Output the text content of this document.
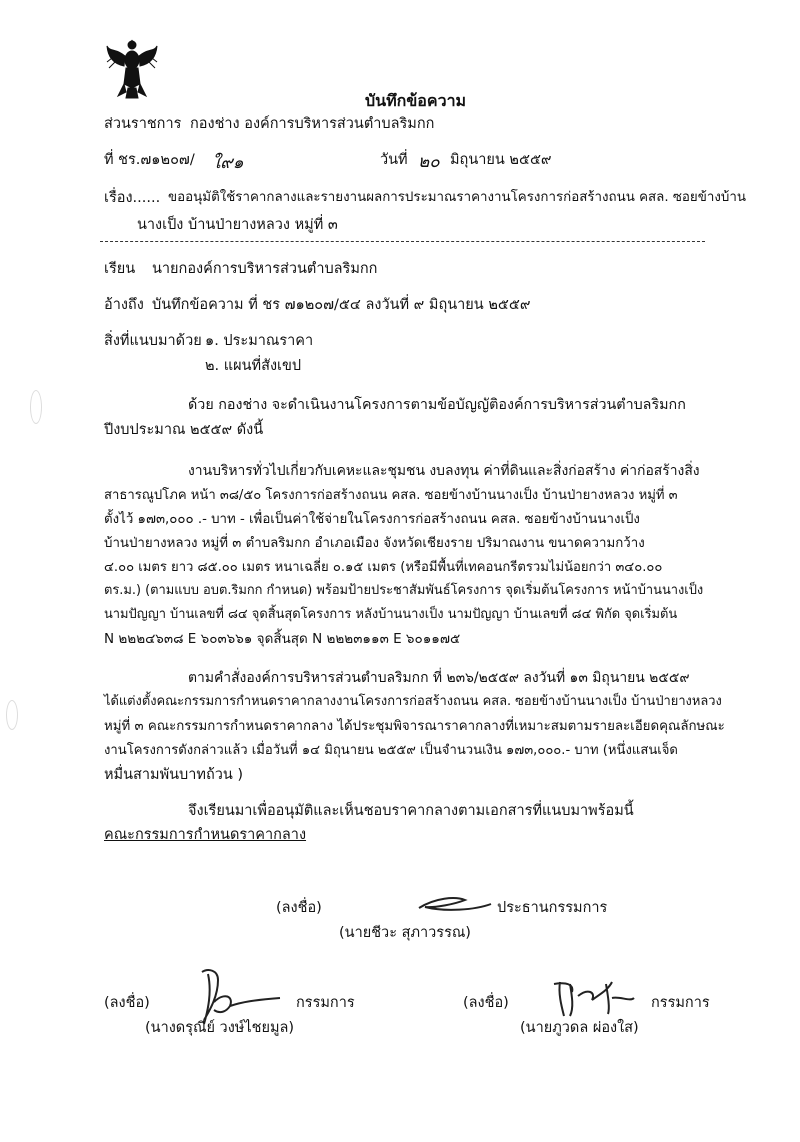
บันทึกข้อความ
ส่วนราชการ กองช่าง องค์การบริหารส่วนตำบลริมกก
ที่ ชร.๗๑๒๐๗/ ใ๙๑	วันที่ ๒๐ มิถุนายน ๒๕๕๙
เรื่อง...... ขออนุมัติใช้ราคากลางและรายงานผลการประมาณราคางานโครงการก่อสร้างถนน คสล. ซอยข้างบ้าน
นางเป็ง บ้านป่ายางหลวง หมู่ที่ ๓
เรียน นายกองค์การบริหารส่วนตำบลริมกก
อ้างถึง บันทึกข้อความ ที่ ชร ๗๑๒๐๗/๕๔ ลงวันที่ ๙ มิถุนายน ๒๕๕๙
สิ่งที่แนบมาด้วย ๑. ประมาณราคา
๒. แผนที่สังเขป
ด้วย กองช่าง จะดำเนินงานโครงการตามข้อบัญญัติองค์การบริหารส่วนตำบลริมกก
ปีงบประมาณ ๒๕๕๙ ดังนี้
งานบริหารทั่วไปเกี่ยวกับเคหะและชุมชน งบลงทุน ค่าที่ดินและสิ่งก่อสร้าง ค่าก่อสร้างสิ่ง
สาธารณูปโภค หน้า ๓๘/๕๐ โครงการก่อสร้างถนน คสล. ซอยข้างบ้านนางเป็ง บ้านป่ายางหลวง หมู่ที่ ๓
ตั้งไว้ ๑๗๓,๐๐๐ .- บาท - เพื่อเป็นค่าใช้จ่ายในโครงการก่อสร้างถนน คสล. ซอยข้างบ้านนางเป็ง
บ้านป่ายางหลวง หมู่ที่ ๓ ตำบลริมกก อำเภอเมือง จังหวัดเชียงราย ปริมาณงาน ขนาดความกว้าง
๔.๐๐ เมตร ยาว ๘๕.๐๐ เมตร หนาเฉลี่ย ๐.๑๕ เมตร (หรือมีพื้นที่เทคอนกรีตรวมไม่น้อยกว่า ๓๔๐.๐๐
ตร.ม.) (ตามแบบ อบต.ริมกก กำหนด) พร้อมป้ายประชาสัมพันธ์โครงการ จุดเริ่มต้นโครงการ หน้าบ้านนางเป็ง
นามปัญญา บ้านเลขที่ ๘๔ จุดสิ้นสุดโครงการ หลังบ้านนางเป็ง นามปัญญา บ้านเลขที่ ๘๔ พิกัด จุดเริ่มต้น
N ๒๒๒๔๖๓๘ E ๖๐๓๖๖๑ จุดสิ้นสุด N ๒๒๒๓๑๑๓ E ๖๐๑๑๗๕
ตามคำสั่งองค์การบริหารส่วนตำบลริมกก ที่ ๒๓๖/๒๕๕๙ ลงวันที่ ๑๓ มิถุนายน ๒๕๕๙
ได้แต่งตั้งคณะกรรมการกำหนดราคากลางงานโครงการก่อสร้างถนน คสล. ซอยข้างบ้านนางเป็ง บ้านป่ายางหลวง
หมู่ที่ ๓ คณะกรรมการกำหนดราคากลาง ได้ประชุมพิจารณาราคากลางที่เหมาะสมตามรายละเอียดคุณลักษณะ
งานโครงการดังกล่าวแล้ว เมื่อวันที่ ๑๔ มิถุนายน ๒๕๕๙ เป็นจำนวนเงิน ๑๗๓,๐๐๐.- บาท (หนึ่งแสนเจ็ด
หมื่นสามพันบาทถ้วน )
จึงเรียนมาเพื่ออนุมัติและเห็นชอบราคากลางตามเอกสารที่แนบมาพร้อมนี้
คณะกรรมการกำหนดราคากลาง
(ลงชื่อ)	ประธานกรรมการ
(นายชีวะ สุภาวรรณ)
(ลงชื่อ)	กรรมการ
(นางดรุณีย์ วงษ์ไชยมูล)
(ลงชื่อ)	กรรมการ
(นายภูวดล ผ่องใส)
